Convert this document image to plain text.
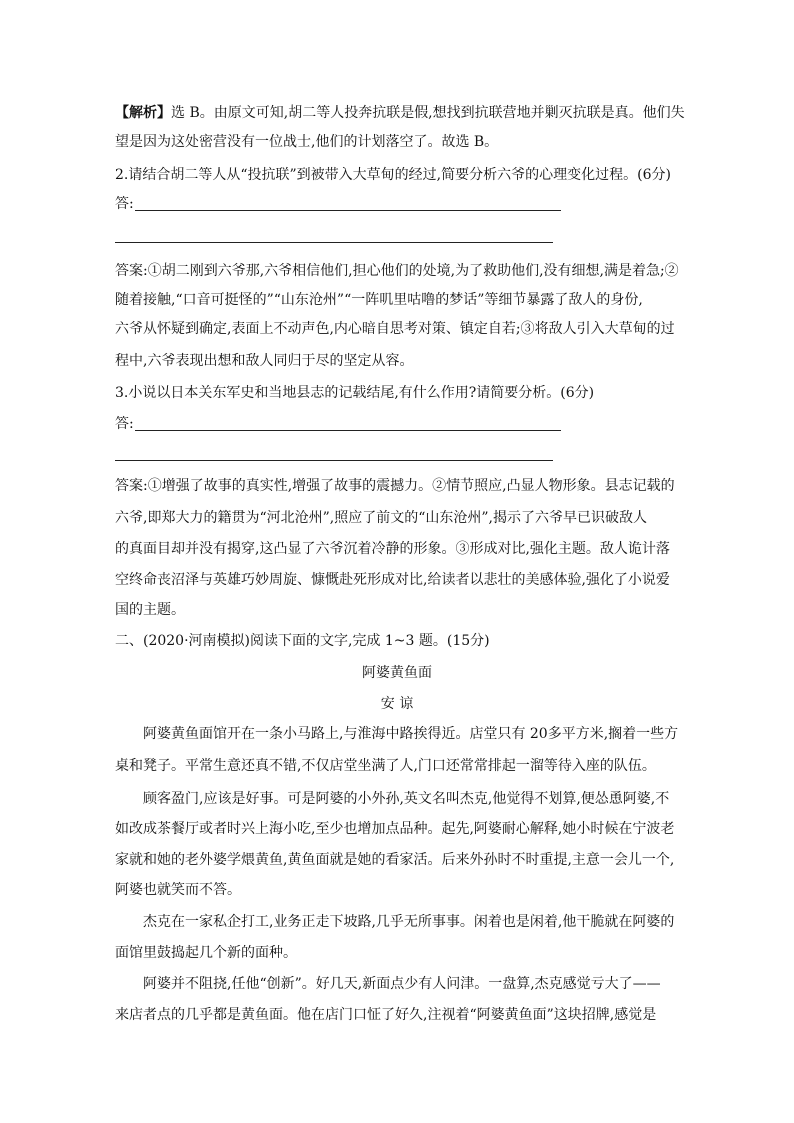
【解析】选 B。由原文可知,胡二等人投奔抗联是假,想找到抗联营地并剿灭抗联是真。他们失
望是因为这处密营没有一位战士,他们的计划落空了。故选 B。
2.请结合胡二等人从“投抗联”到被带入大草甸的经过,简要分析六爷的心理变化过程。(6分)
答:
答案:①胡二刚到六爷那,六爷相信他们,担心他们的处境,为了救助他们,没有细想,满是着急;②
随着接触,“口音可挺怪的”“山东沧州”“一阵叽里咕噜的梦话”等细节暴露了敌人的身份,
六爷从怀疑到确定,表面上不动声色,内心暗自思考对策、镇定自若;③将敌人引入大草甸的过
程中,六爷表现出想和敌人同归于尽的坚定从容。
3.小说以日本关东军史和当地县志的记载结尾,有什么作用?请简要分析。(6分)
答:
答案:①增强了故事的真实性,增强了故事的震撼力。②情节照应,凸显人物形象。县志记载的
六爷,即郑大力的籍贯为“河北沧州”,照应了前文的“山东沧州”,揭示了六爷早已识破敌人
的真面目却并没有揭穿,这凸显了六爷沉着冷静的形象。③形成对比,强化主题。敌人诡计落
空终命丧沼泽与英雄巧妙周旋、慷慨赴死形成对比,给读者以悲壮的美感体验,强化了小说爱
国的主题。
二、(2020·河南模拟)阅读下面的文字,完成 1~3 题。(15分)
阿婆黄鱼面
安 谅
阿婆黄鱼面馆开在一条小马路上,与淮海中路挨得近。店堂只有 20多平方米,搁着一些方
桌和凳子。平常生意还真不错,不仅店堂坐满了人,门口还常常排起一溜等待入座的队伍。
顾客盈门,应该是好事。可是阿婆的小外孙,英文名叫杰克,他觉得不划算,便怂恿阿婆,不
如改成茶餐厅或者时兴上海小吃,至少也增加点品种。起先,阿婆耐心解释,她小时候在宁波老
家就和她的老外婆学煨黄鱼,黄鱼面就是她的看家活。后来外孙时不时重提,主意一会儿一个,
阿婆也就笑而不答。
杰克在一家私企打工,业务正走下坡路,几乎无所事事。闲着也是闲着,他干脆就在阿婆的
面馆里鼓捣起几个新的面种。
阿婆并不阻挠,任他“创新”。好几天,新面点少有人问津。一盘算,杰克感觉亏大了——
来店者点的几乎都是黄鱼面。他在店门口怔了好久,注视着“阿婆黄鱼面”这块招牌,感觉是
